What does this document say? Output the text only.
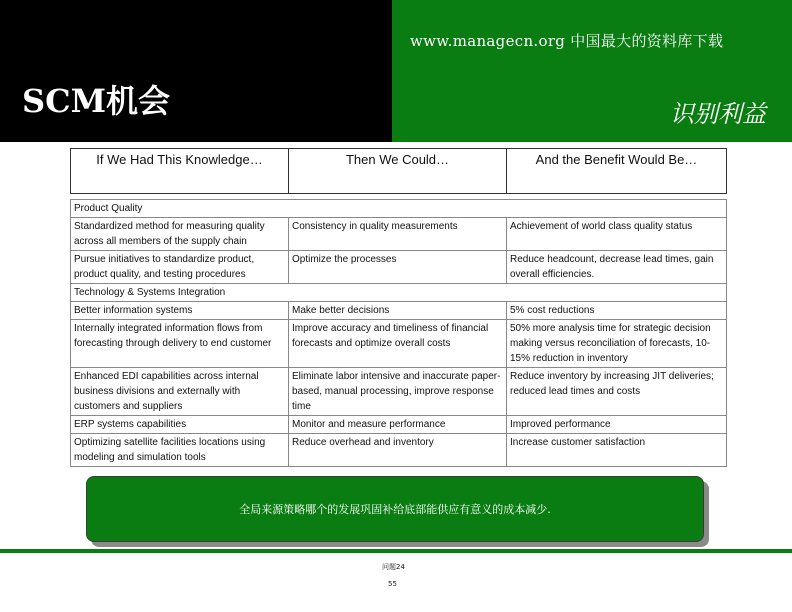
www.managecn.org 中国最大的资料库下载
SCM机会	识别利益
If We Had This Knowledge…	Then We Could…	And the Benefit Would Be…

Product Quality		
Standardized method for measuring quality across all members of the supply chain	Consistency in quality measurements	Achievement of world class quality status
Pursue initiatives to standardize product, product quality, and testing procedures	Optimize the processes	Reduce headcount, decrease lead times, gain overall efficiencies.
Technology & Systems Integration		
Better information systems	Make better decisions	5% cost reductions
Internally integrated information flows from forecasting through delivery to end customer	Improve accuracy and timeliness of financial forecasts and optimize overall costs	50% more analysis time for strategic decision making versus reconciliation of forecasts, 10-15% reduction in inventory
Enhanced EDI capabilities across internal business divisions and externally with customers and suppliers	Eliminate labor intensive and inaccurate paper-based, manual processing, improve response time	Reduce inventory by increasing JIT deliveries; reduced lead times and costs
ERP systems capabilities	Monitor and measure performance	Improved performance
Optimizing satellite facilities locations using modeling and simulation tools	Reduce overhead and inventory	Increase customer satisfaction
全局来源策略哪个的发展巩固补给底部能供应有意义的成本减少.
问题24
55
